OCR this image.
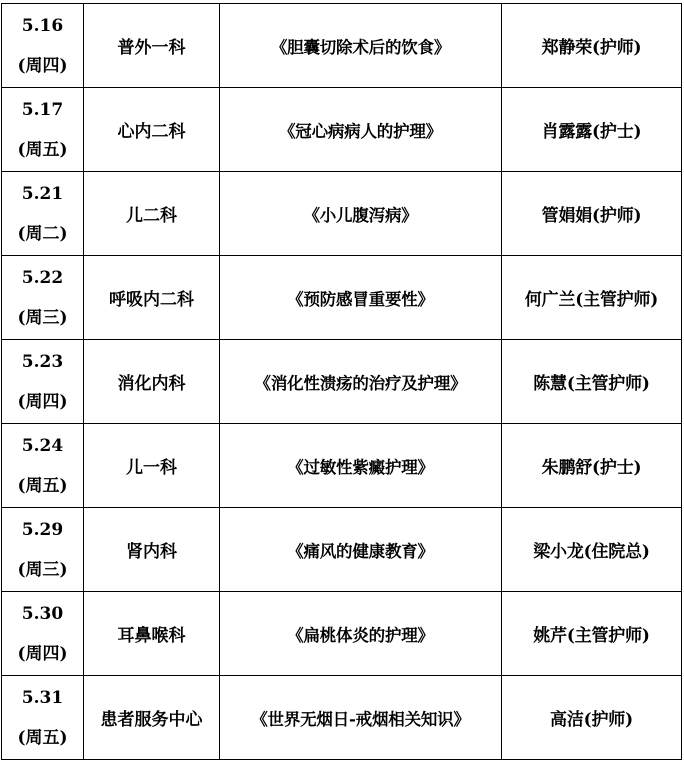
5.16
(周四)	普外一科	《胆囊切除术后的饮食》	郑静荣(护师)

5.17
(周五)	心内二科	《冠心病病人的护理》	肖露露(护士)

5.21
(周二)	儿二科	《小儿腹泻病》	管娟娟(护师)

5.22
(周三)	呼吸内二科	《预防感冒重要性》	何广兰(主管护师)

5.23
(周四)	消化内科	《消化性溃疡的治疗及护理》	陈慧(主管护师)

5.24
(周五)	儿一科	《过敏性紫癜护理》	朱鹏舒(护士)

5.29
(周三)	肾内科	《痛风的健康教育》	梁小龙(住院总)

5.30
(周四)	耳鼻喉科	《扁桃体炎的护理》	姚芹(主管护师)

5.31
(周五)	患者服务中心	《世界无烟日-戒烟相关知识》	高洁(护师)
